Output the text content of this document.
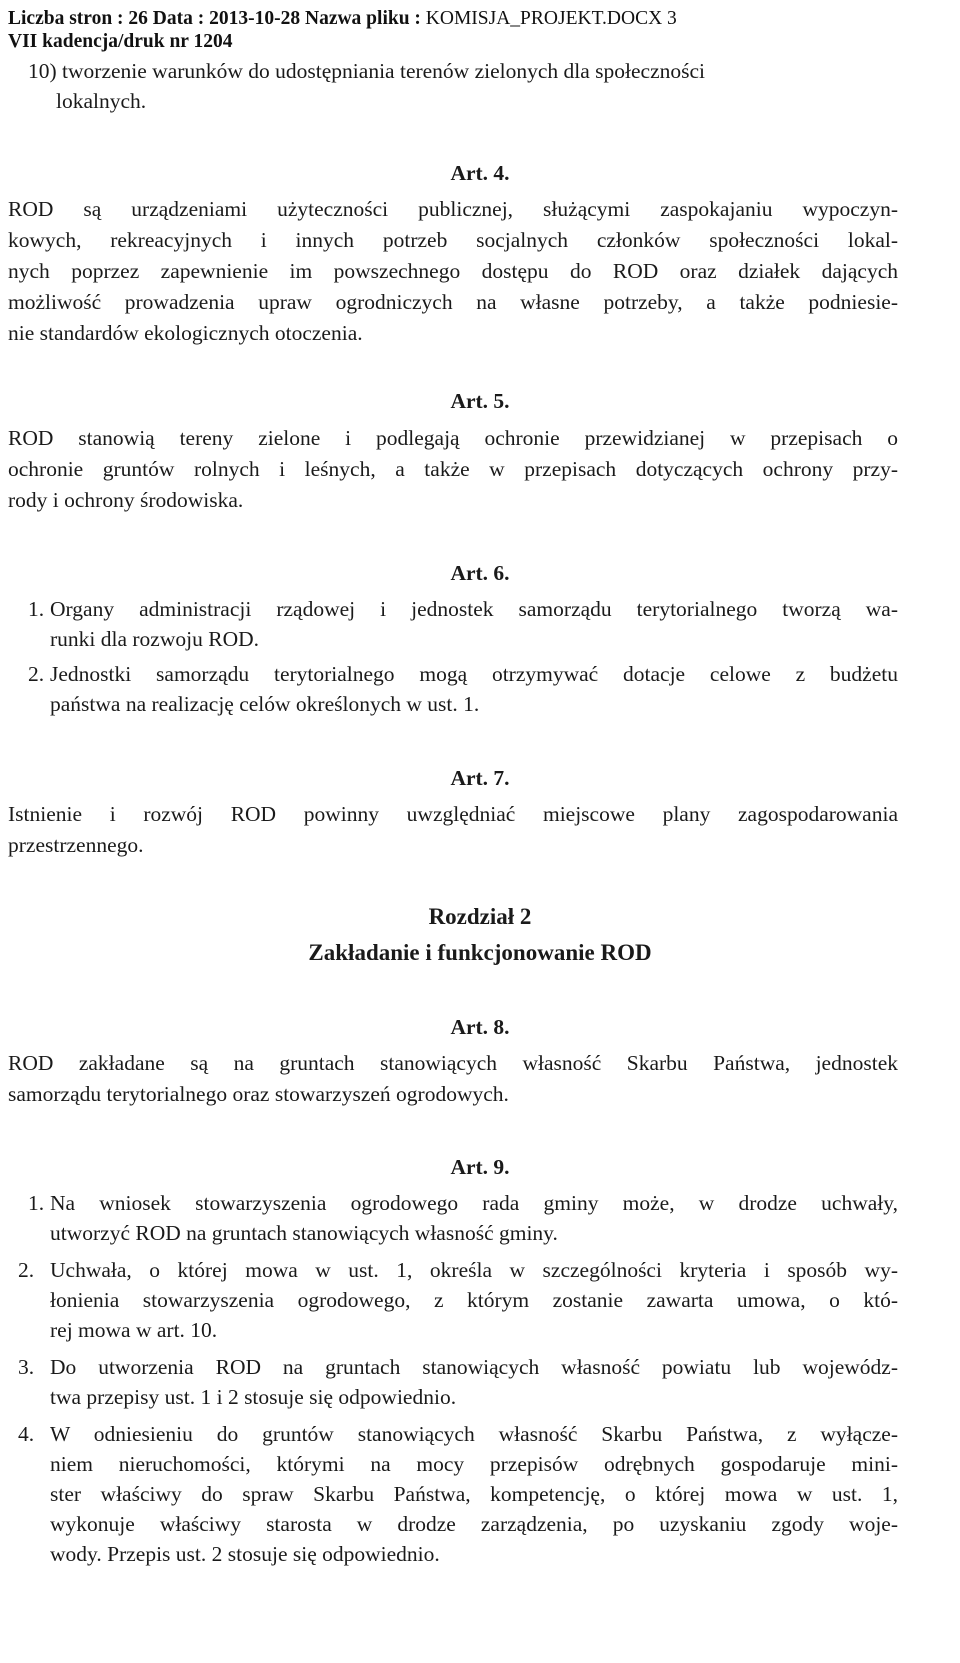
Liczba stron : 26 Data : 2013-10-28 Nazwa pliku : KOMISJA_PROJEKT.DOCX 3
VII kadencja/druk nr 1204
10) tworzenie warunków do udostępniania terenów zielonych dla społeczności
lokalnych.
Art. 4.
ROD są urządzeniami użyteczności publicznej, służącymi zaspokajaniu wypoczyn-
kowych, rekreacyjnych i innych potrzeb socjalnych członków społeczności lokal-
nych poprzez zapewnienie im powszechnego dostępu do ROD oraz działek dających
możliwość prowadzenia upraw ogrodniczych na własne potrzeby, a także podniesie-
nie standardów ekologicznych otoczenia.
Art. 5.
ROD stanowią tereny zielone i podlegają ochronie przewidzianej w przepisach o
ochronie gruntów rolnych i leśnych, a także w przepisach dotyczących ochrony przy-
rody i ochrony środowiska.
Art. 6.
1. Organy administracji rządowej i jednostek samorządu terytorialnego tworzą wa-
runki dla rozwoju ROD.
2. Jednostki samorządu terytorialnego mogą otrzymywać dotacje celowe z budżetu
państwa na realizację celów określonych w ust. 1.
Art. 7.
Istnienie i rozwój ROD powinny uwzględniać miejscowe plany zagospodarowania
przestrzennego.
Rozdział 2
Zakładanie i funkcjonowanie ROD
Art. 8.
ROD zakładane są na gruntach stanowiących własność Skarbu Państwa, jednostek
samorządu terytorialnego oraz stowarzyszeń ogrodowych.
Art. 9.
1. Na wniosek stowarzyszenia ogrodowego rada gminy może, w drodze uchwały,
utworzyć ROD na gruntach stanowiących własność gminy.
2. Uchwała, o której mowa w ust. 1, określa w szczególności kryteria i sposób wy-
łonienia stowarzyszenia ogrodowego, z którym zostanie zawarta umowa, o któ-
rej mowa w art. 10.
3. Do utworzenia ROD na gruntach stanowiących własność powiatu lub wojewódz-
twa przepisy ust. 1 i 2 stosuje się odpowiednio.
4. W odniesieniu do gruntów stanowiących własność Skarbu Państwa, z wyłącze-
niem nieruchomości, którymi na mocy przepisów odrębnych gospodaruje mini-
ster właściwy do spraw Skarbu Państwa, kompetencję, o której mowa w ust. 1,
wykonuje właściwy starosta w drodze zarządzenia, po uzyskaniu zgody woje-
wody. Przepis ust. 2 stosuje się odpowiednio.
